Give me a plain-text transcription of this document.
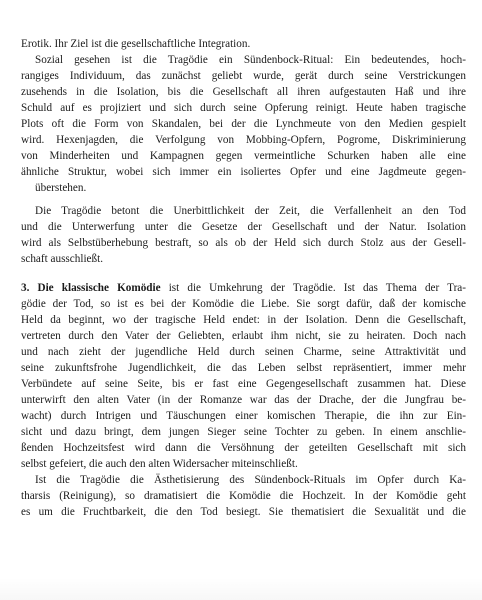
Erotik. Ihr Ziel ist die gesellschaftliche Integration.
Sozial gesehen ist die Tragödie ein Sündenbock-Ritual: Ein bedeutendes, hoch-
rangiges Individuum, das zunächst geliebt wurde, gerät durch seine Verstrickungen
zusehends in die Isolation, bis die Gesellschaft all ihren aufgestauten Haß und ihre
Schuld auf es projiziert und sich durch seine Opferung reinigt. Heute haben tragische
Plots oft die Form von Skandalen, bei der die Lynchmeute von den Medien gespielt
wird. Hexenjagden, die Verfolgung von Mobbing-Opfern, Pogrome, Diskriminierung
von Minderheiten und Kampagnen gegen vermeintliche Schurken haben alle eine
ähnliche Struktur, wobei sich immer ein isoliertes Opfer und eine Jagdmeute gegen-
überstehen.
Die Tragödie betont die Unerbittlichkeit der Zeit, die Verfallenheit an den Tod
und die Unterwerfung unter die Gesetze der Gesellschaft und der Natur. Isolation
wird als Selbstüberhebung bestraft, so als ob der Held sich durch Stolz aus der Gesell-
schaft ausschließt.
3. Die klassische Komödie ist die Umkehrung der Tragödie. Ist das Thema der Tra-
gödie der Tod, so ist es bei der Komödie die Liebe. Sie sorgt dafür, daß der komische
Held da beginnt, wo der tragische Held endet: in der Isolation. Denn die Gesellschaft,
vertreten durch den Vater der Geliebten, erlaubt ihm nicht, sie zu heiraten. Doch nach
und nach zieht der jugendliche Held durch seinen Charme, seine Attraktivität und
seine zukunftsfrohe Jugendlichkeit, die das Leben selbst repräsentiert, immer mehr
Verbündete auf seine Seite, bis er fast eine Gegengesellschaft zusammen hat. Diese
unterwirft den alten Vater (in der Romanze war das der Drache, der die Jungfrau be-
wacht) durch Intrigen und Täuschungen einer komischen Therapie, die ihn zur Ein-
sicht und dazu bringt, dem jungen Sieger seine Tochter zu geben. In einem anschlie-
ßenden Hochzeitsfest wird dann die Versöhnung der geteilten Gesellschaft mit sich
selbst gefeiert, die auch den alten Widersacher miteinschließt.
Ist die Tragödie die Ästhetisierung des Sündenbock-Rituals im Opfer durch Ka-
tharsis (Reinigung), so dramatisiert die Komödie die Hochzeit. In der Komödie geht
es um die Fruchtbarkeit, die den Tod besiegt. Sie thematisiert die Sexualität und die
